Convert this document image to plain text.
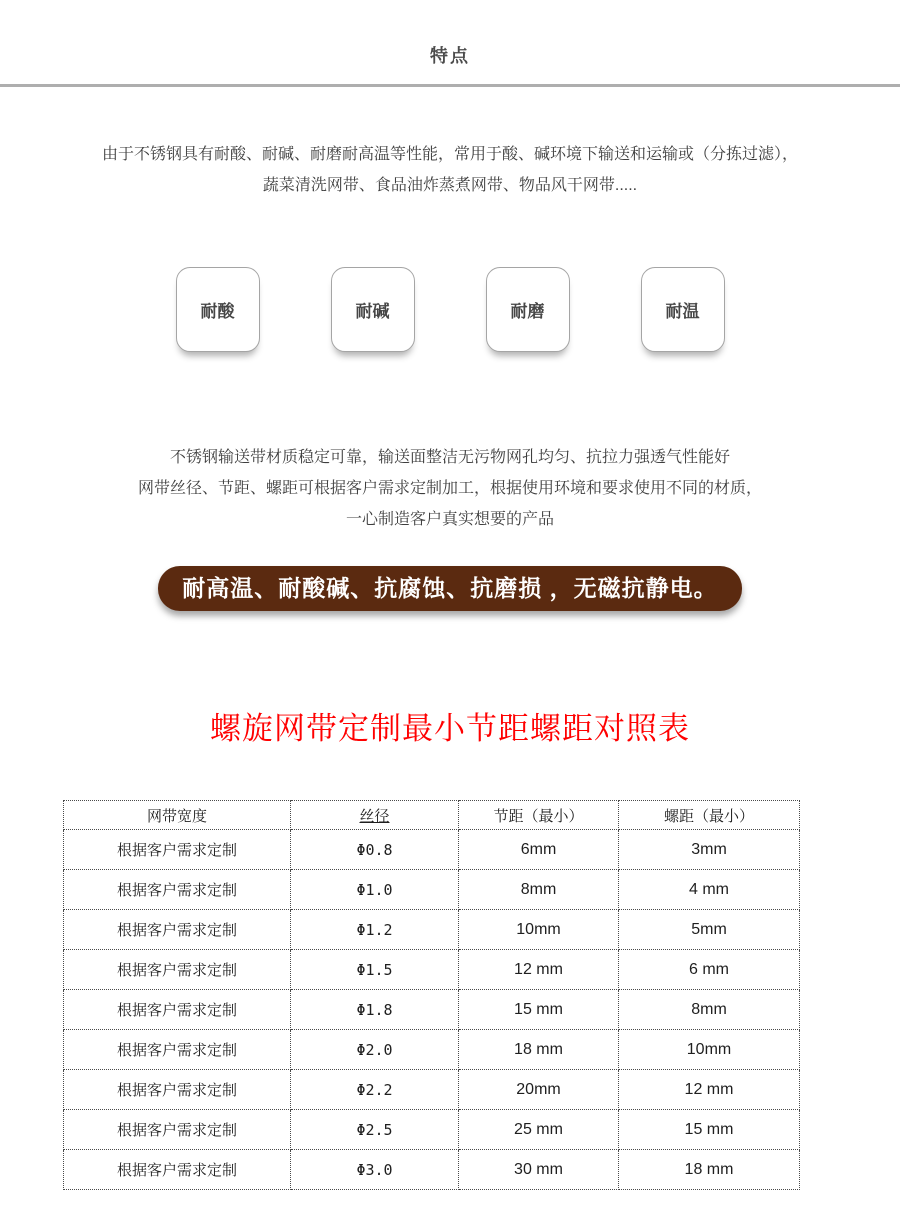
特点
由于不锈钢具有耐酸、耐碱、耐磨耐高温等性能，常用于酸、碱环境下输送和运输或（分拣过滤），
蔬菜清洗网带、食品油炸蒸煮网带、物品风干网带.....
耐酸	耐碱	耐磨	耐温
不锈钢输送带材质稳定可靠，输送面整洁无污物网孔均匀、抗拉力强透气性能好
网带丝径、节距、螺距可根据客户需求定制加工，根据使用环境和要求使用不同的材质，
一心制造客户真实想要的产品
耐高温、耐酸碱、抗腐蚀、抗磨损 ，无磁抗静电。
螺旋网带定制最小节距螺距对照表
网带宽度	丝径	节距（最小）	螺距（最小）
根据客户需求定制	Φ0.8	6mm	3mm
根据客户需求定制	Φ1.0	8mm	4 mm
根据客户需求定制	Φ1.2	10mm	5mm
根据客户需求定制	Φ1.5	12 mm	6 mm
根据客户需求定制	Φ1.8	15 mm	8mm
根据客户需求定制	Φ2.0	18 mm	10mm
根据客户需求定制	Φ2.2	20mm	12 mm
根据客户需求定制	Φ2.5	25 mm	15 mm
根据客户需求定制	Φ3.0	30 mm	18 mm
